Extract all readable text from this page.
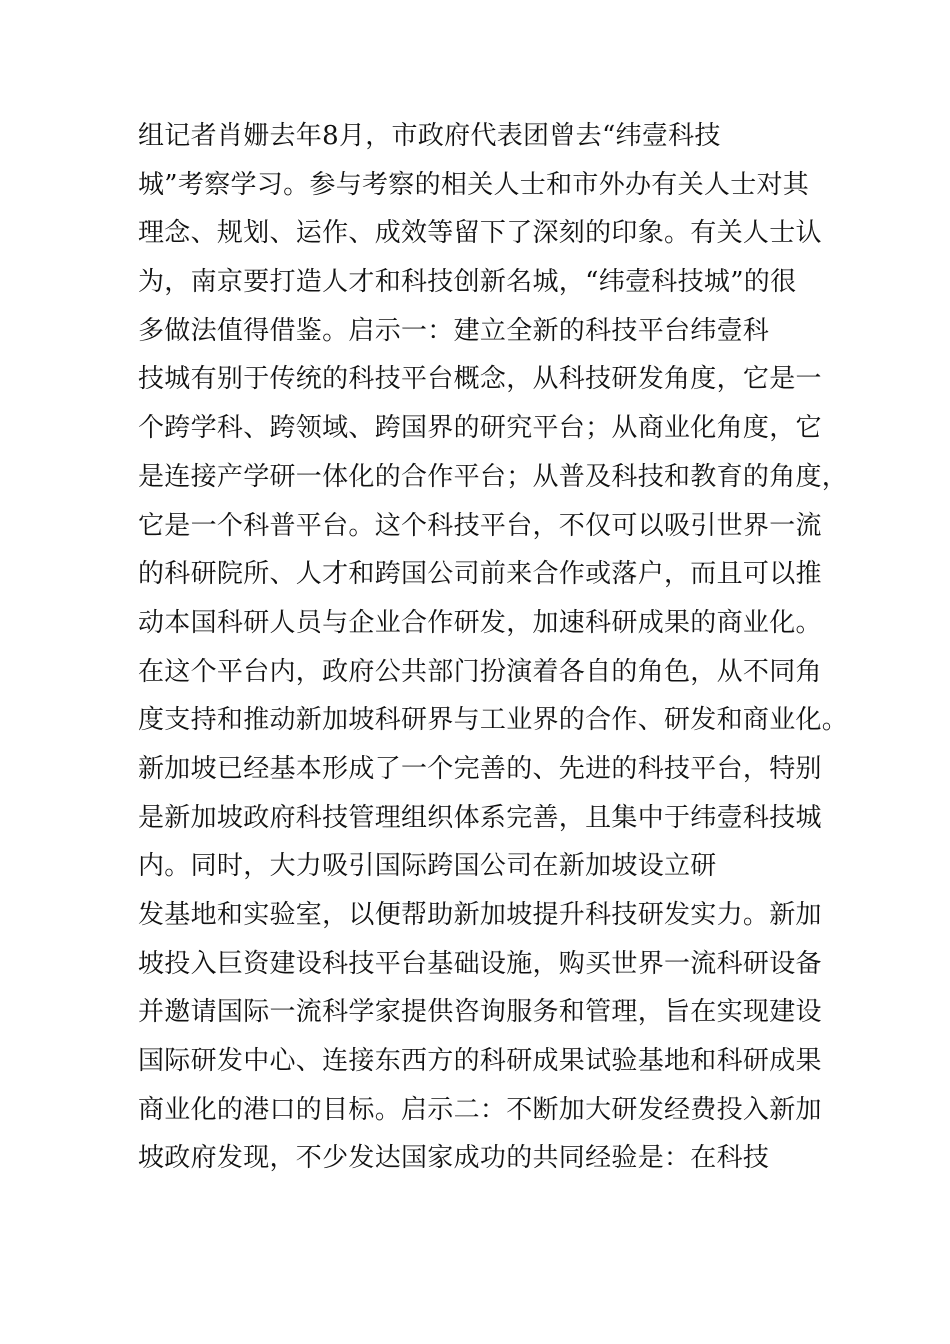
组记者肖姗去年8月，市政府代表团曾去“纬壹科技
城”考察学习。参与考察的相关人士和市外办有关人士对其
理念、规划、运作、成效等留下了深刻的印象。有关人士认
为，南京要打造人才和科技创新名城，“纬壹科技城”的很
多做法值得借鉴。启示一：建立全新的科技平台纬壹科
技城有别于传统的科技平台概念，从科技研发角度，它是一
个跨学科、跨领域、跨国界的研究平台；从商业化角度，它
是连接产学研一体化的合作平台；从普及科技和教育的角度，
它是一个科普平台。这个科技平台，不仅可以吸引世界一流
的科研院所、人才和跨国公司前来合作或落户，而且可以推
动本国科研人员与企业合作研发，加速科研成果的商业化。
在这个平台内，政府公共部门扮演着各自的角色，从不同角
度支持和推动新加坡科研界与工业界的合作、研发和商业化。
新加坡已经基本形成了一个完善的、先进的科技平台，特别
是新加坡政府科技管理组织体系完善，且集中于纬壹科技城
内。同时，大力吸引国际跨国公司在新加坡设立研
发基地和实验室，以便帮助新加坡提升科技研发实力。新加
坡投入巨资建设科技平台基础设施，购买世界一流科研设备
并邀请国际一流科学家提供咨询服务和管理，旨在实现建设
国际研发中心、连接东西方的科研成果试验基地和科研成果
商业化的港口的目标。启示二：不断加大研发经费投入新加
坡政府发现，不少发达国家成功的共同经验是：在科技
